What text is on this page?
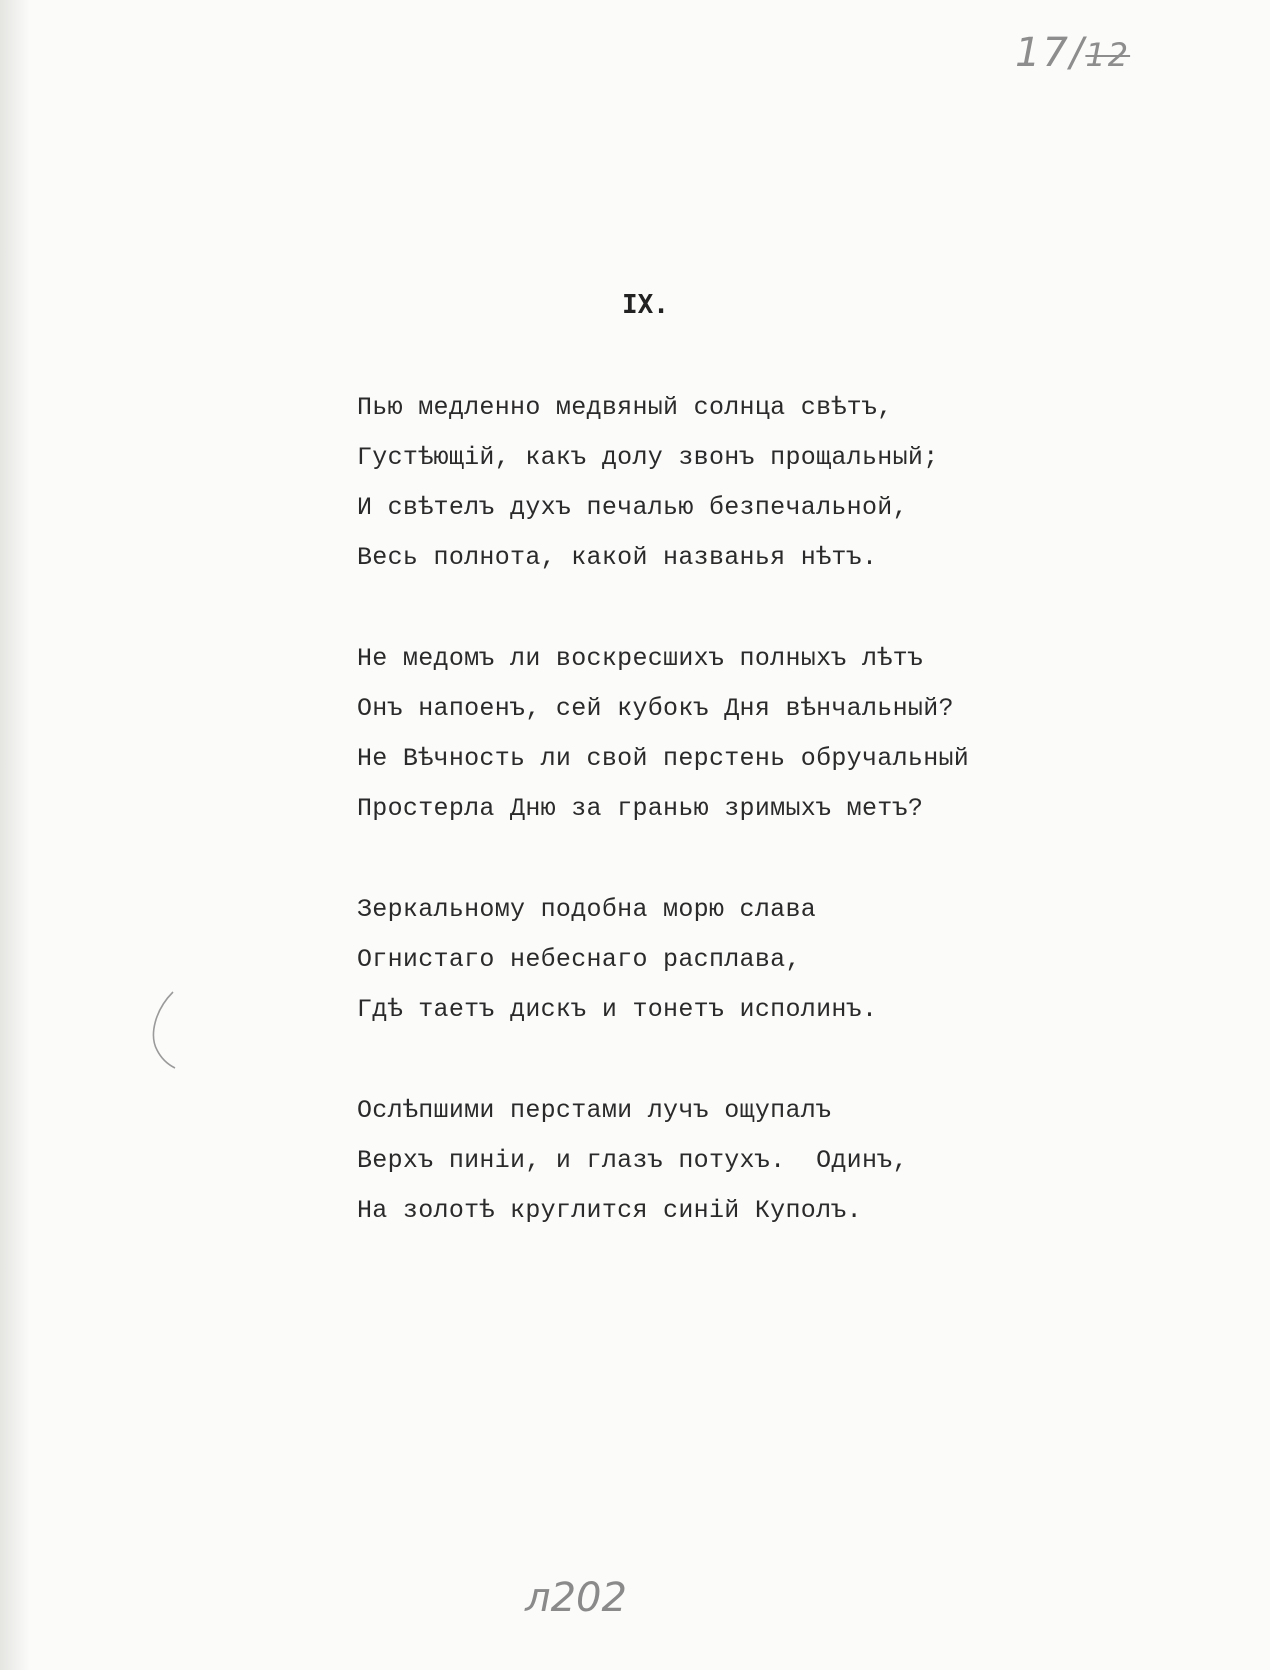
17/12
IX.
Пью медленно медвяный солнца свѣтъ,
Густѣющій, какъ долу звонъ прощальный;
И свѣтелъ духъ печалью безпечальной,
Весь полнота, какой названья нѣтъ.
Не медомъ ли воскресшихъ полныхъ лѣтъ
Онъ напоенъ, сей кубокъ Дня вѣнчальный?
Не Вѣчность ли свой перстень обручальный
Простерла Дню за гранью зримыхъ метъ?
Зеркальному подобна морю слава
Огнистаго небеснаго расплава,
Гдѣ таетъ дискъ и тонетъ исполинъ.
Ослѣпшими перстами лучъ ощупалъ
Верхъ пиніи, и глазъ потухъ.  Одинъ,
На золотѣ круглится синій Куполъ.
л202
